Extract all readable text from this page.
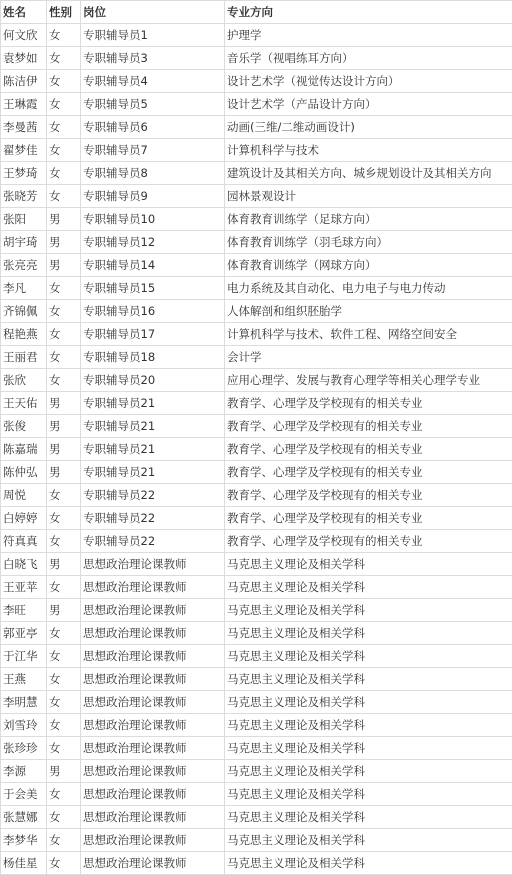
姓名	性别	岗位	专业方向
何文欣	女	专职辅导员1	护理学
袁梦如	女	专职辅导员3	音乐学（视唱练耳方向）
陈洁伊	女	专职辅导员4	设计艺术学（视觉传达设计方向）
王琳霞	女	专职辅导员5	设计艺术学（产品设计方向）
李曼茜	女	专职辅导员6	动画(三维/二维动画设计)
翟梦佳	女	专职辅导员7	计算机科学与技术
王梦琦	女	专职辅导员8	建筑设计及其相关方向、城乡规划设计及其相关方向
张晓芳	女	专职辅导员9	园林景观设计
张阳	男	专职辅导员10	体育教育训练学（足球方向）
胡宇琦	男	专职辅导员12	体育教育训练学（羽毛球方向）
张亮亮	男	专职辅导员14	体育教育训练学（网球方向）
李凡	女	专职辅导员15	电力系统及其自动化、电力电子与电力传动
齐锦佩	女	专职辅导员16	人体解剖和组织胚胎学
程艳燕	女	专职辅导员17	计算机科学与技术、软件工程、网络空间安全
王丽君	女	专职辅导员18	会计学
张欣	女	专职辅导员20	应用心理学、发展与教育心理学等相关心理学专业
王天佑	男	专职辅导员21	教育学、心理学及学校现有的相关专业
张俊	男	专职辅导员21	教育学、心理学及学校现有的相关专业
陈嘉瑞	男	专职辅导员21	教育学、心理学及学校现有的相关专业
陈仲弘	男	专职辅导员21	教育学、心理学及学校现有的相关专业
周悦	女	专职辅导员22	教育学、心理学及学校现有的相关专业
白婷婷	女	专职辅导员22	教育学、心理学及学校现有的相关专业
符真真	女	专职辅导员22	教育学、心理学及学校现有的相关专业
白晓飞	男	思想政治理论课教师	马克思主义理论及相关学科
王亚苹	女	思想政治理论课教师	马克思主义理论及相关学科
李旺	男	思想政治理论课教师	马克思主义理论及相关学科
郭亚亭	女	思想政治理论课教师	马克思主义理论及相关学科
于江华	女	思想政治理论课教师	马克思主义理论及相关学科
王燕	女	思想政治理论课教师	马克思主义理论及相关学科
李明慧	女	思想政治理论课教师	马克思主义理论及相关学科
刘雪玲	女	思想政治理论课教师	马克思主义理论及相关学科
张珍珍	女	思想政治理论课教师	马克思主义理论及相关学科
李源	男	思想政治理论课教师	马克思主义理论及相关学科
于会美	女	思想政治理论课教师	马克思主义理论及相关学科
张慧娜	女	思想政治理论课教师	马克思主义理论及相关学科
李梦华	女	思想政治理论课教师	马克思主义理论及相关学科
杨佳星	女	思想政治理论课教师	马克思主义理论及相关学科
